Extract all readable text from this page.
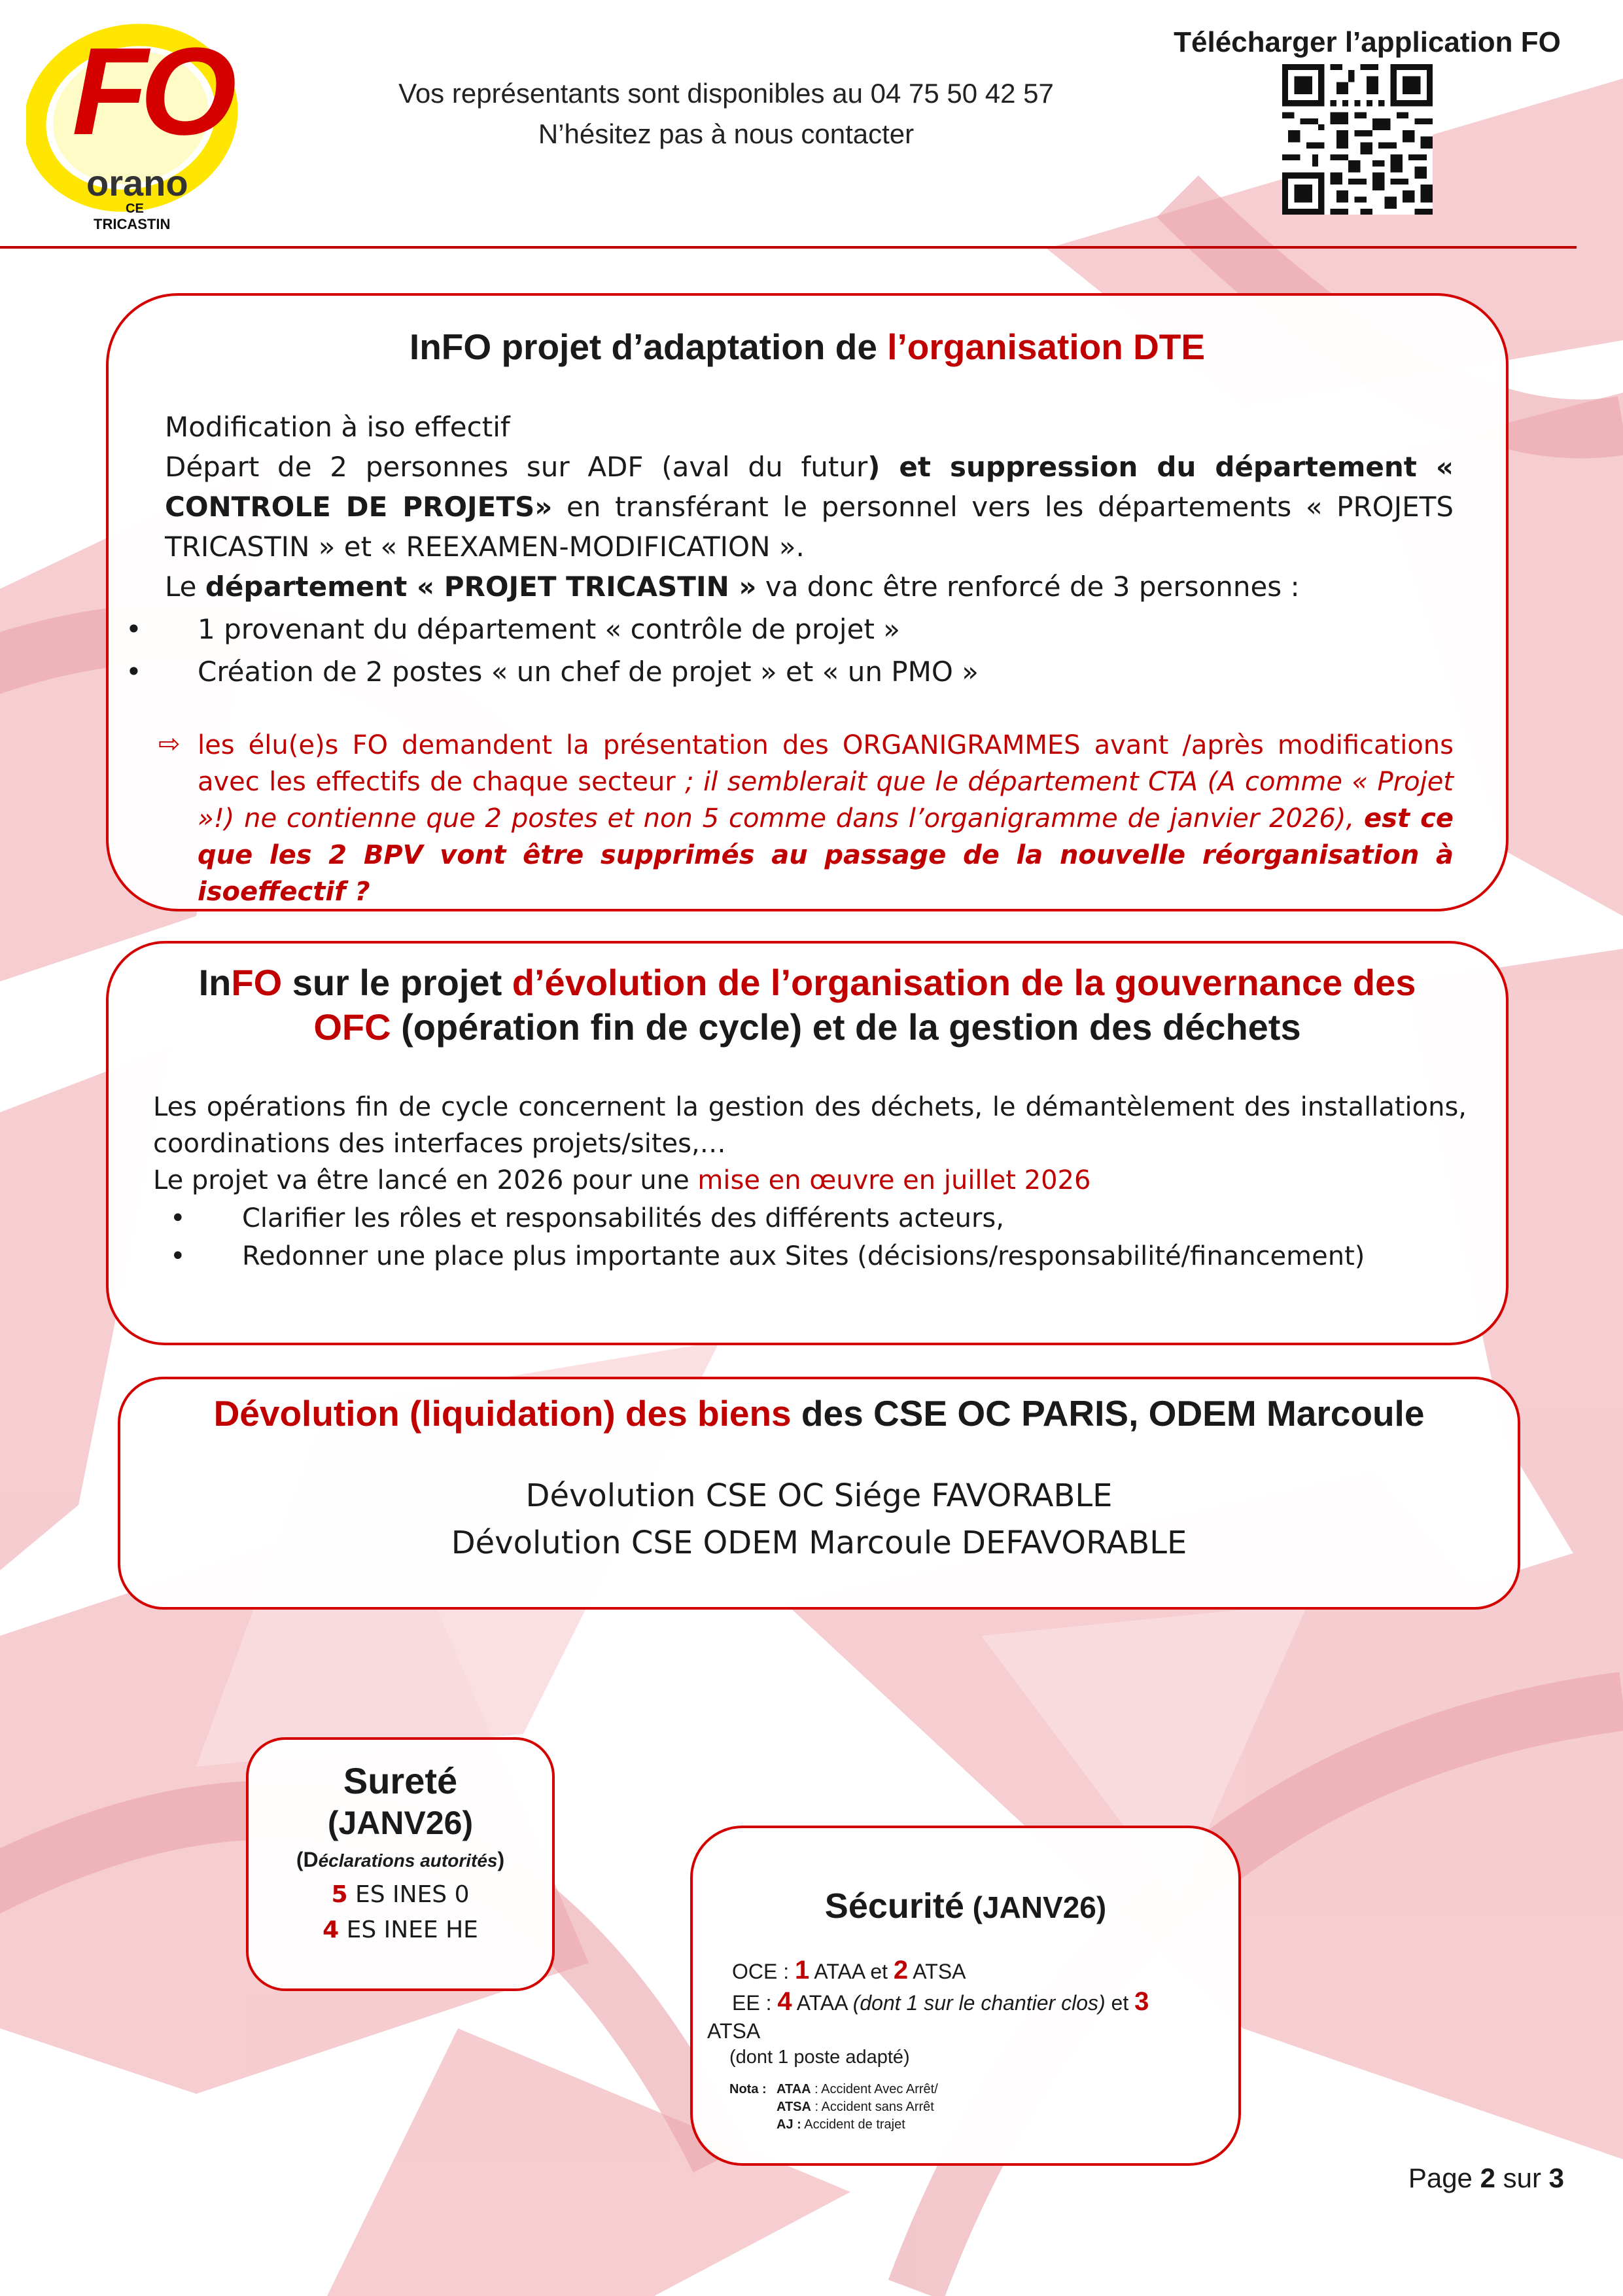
FO
orano
CE
TRICASTIN
Vos représentants sont disponibles au 04 75 50 42 57
N’hésitez pas à nous contacter
Télécharger l’application FO
InFO projet d’adaptation de l’organisation DTE
Modification à iso effectif
Départ de 2 personnes sur ADF (aval du futur) et suppression du département « CONTROLE DE PROJETS» en transférant le personnel vers les départements « PROJETS TRICASTIN » et « REEXAMEN-MODIFICATION ».
Le département « PROJET TRICASTIN » va donc être renforcé de 3 personnes :
• 1 provenant du département « contrôle de projet »
• Création de 2 postes « un chef de projet » et « un PMO »
⇨ les élu(e)s FO demandent la présentation des ORGANIGRAMMES avant /après modifications avec les effectifs de chaque secteur ; il semblerait que le département CTA (A comme « Projet »!) ne contienne que 2 postes et non 5 comme dans l’organigramme de janvier 2026), est ce que les 2 BPV vont être supprimés au passage de la nouvelle réorganisation à isoeffectif ?
InFO sur le projet d’évolution de l’organisation de la gouvernance des
OFC (opération fin de cycle) et de la gestion des déchets
Les opérations fin de cycle concernent la gestion des déchets, le démantèlement des installations, coordinations des interfaces projets/sites,…
Le projet va être lancé en 2026 pour une mise en œuvre en juillet 2026
• Clarifier les rôles et responsabilités des différents acteurs,
• Redonner une place plus importante aux Sites (décisions/responsabilité/financement)
Dévolution (liquidation) des biens des CSE OC PARIS, ODEM Marcoule
Dévolution CSE OC Siége FAVORABLE
Dévolution CSE ODEM Marcoule DEFAVORABLE
Sureté
(JANV26)
(Déclarations autorités)
5 ES INES 0
4 ES INEE HE
Sécurité (JANV26)
OCE : 1 ATAA et 2 ATSA
EE : 4 ATAA (dont 1 sur le chantier clos) et 3
ATSA
(dont 1 poste adapté)
Nota : ATAA : Accident Avec Arrêt/
ATSA : Accident sans Arrêt
AJ : Accident de trajet
Page 2 sur 3
